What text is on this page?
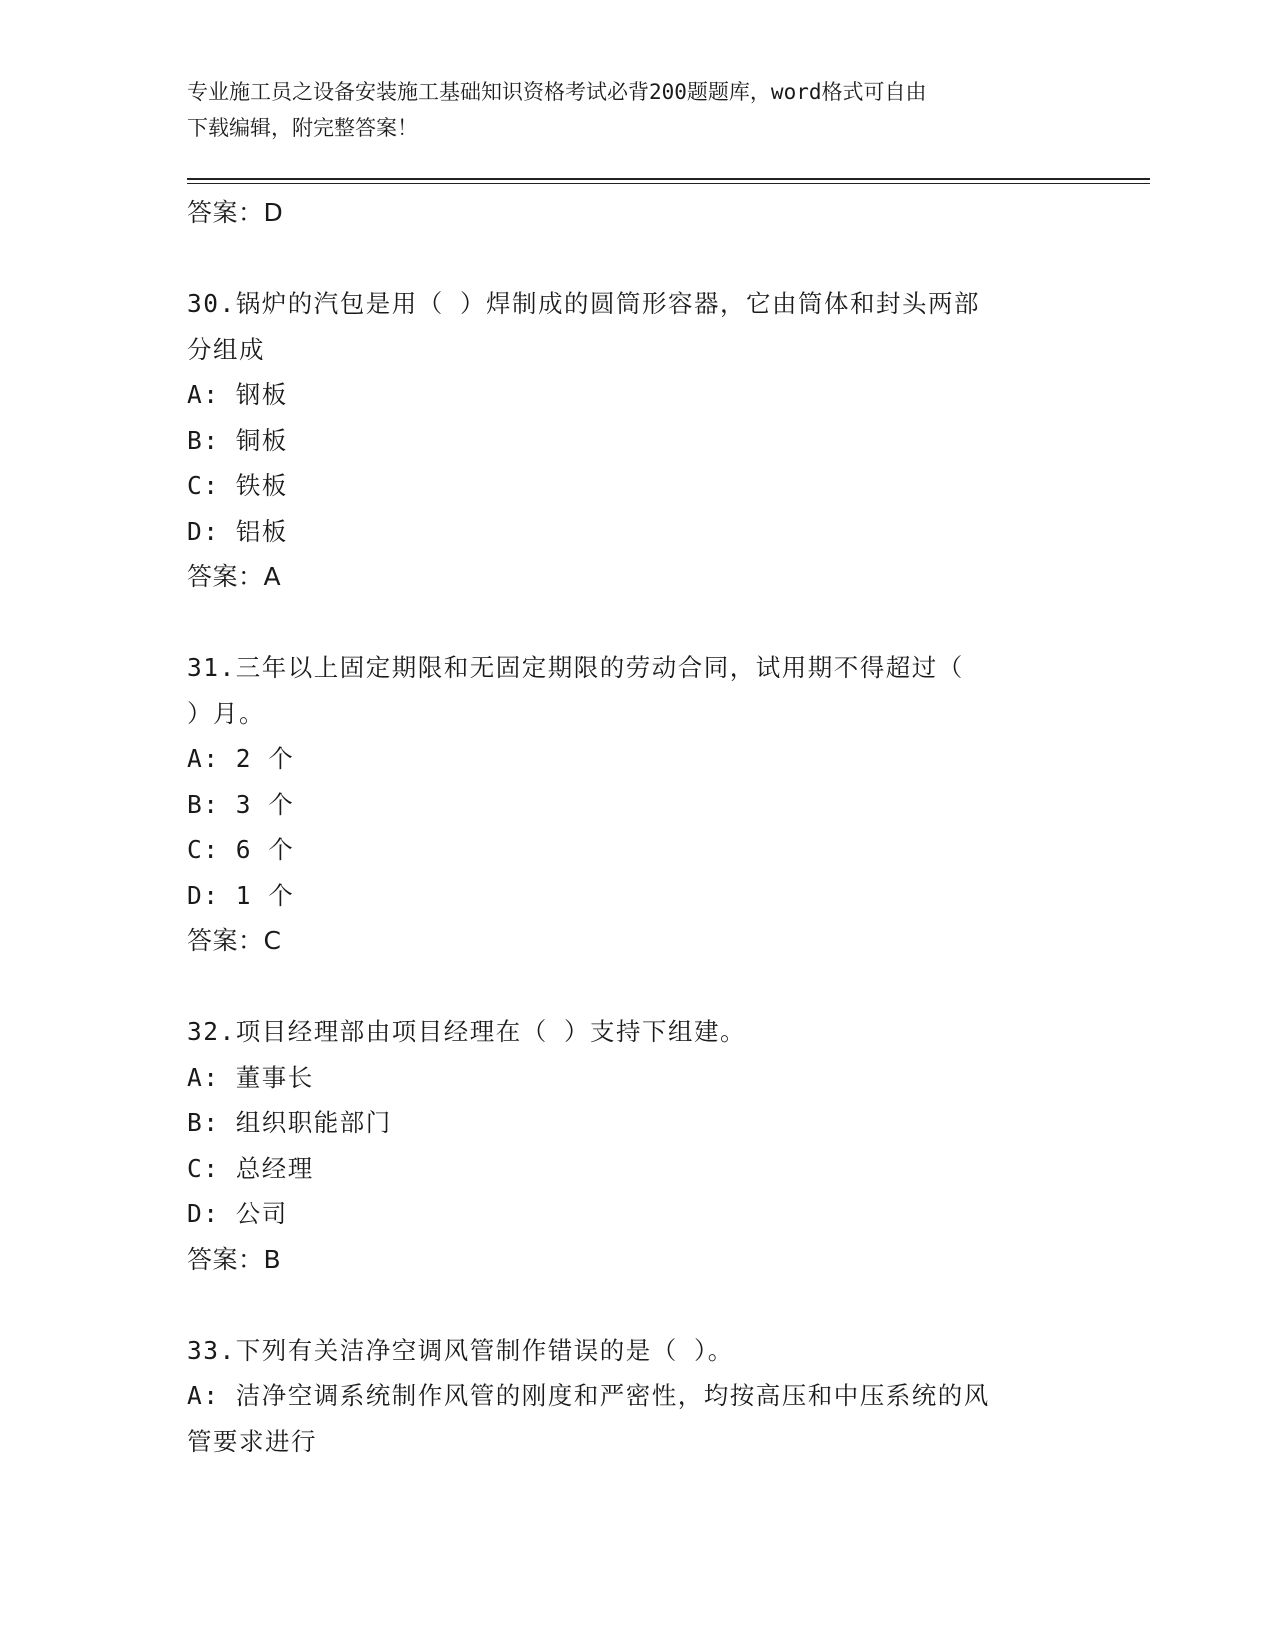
专业施工员之设备安装施工基础知识资格考试必背200题题库，word格式可自由
下载编辑，附完整答案！
答案：D
30.锅炉的汽包是用（ ）焊制成的圆筒形容器，它由筒体和封头两部
分组成
A: 钢板
B: 铜板
C: 铁板
D: 铝板
答案：A
31.三年以上固定期限和无固定期限的劳动合同，试用期不得超过（
）月。
A: 2 个
B: 3 个
C: 6 个
D: 1 个
答案：C
32.项目经理部由项目经理在（ ）支持下组建。
A: 董事长
B: 组织职能部门
C: 总经理
D: 公司
答案：B
33.下列有关洁净空调风管制作错误的是（ ）。
A: 洁净空调系统制作风管的刚度和严密性，均按高压和中压系统的风
管要求进行
